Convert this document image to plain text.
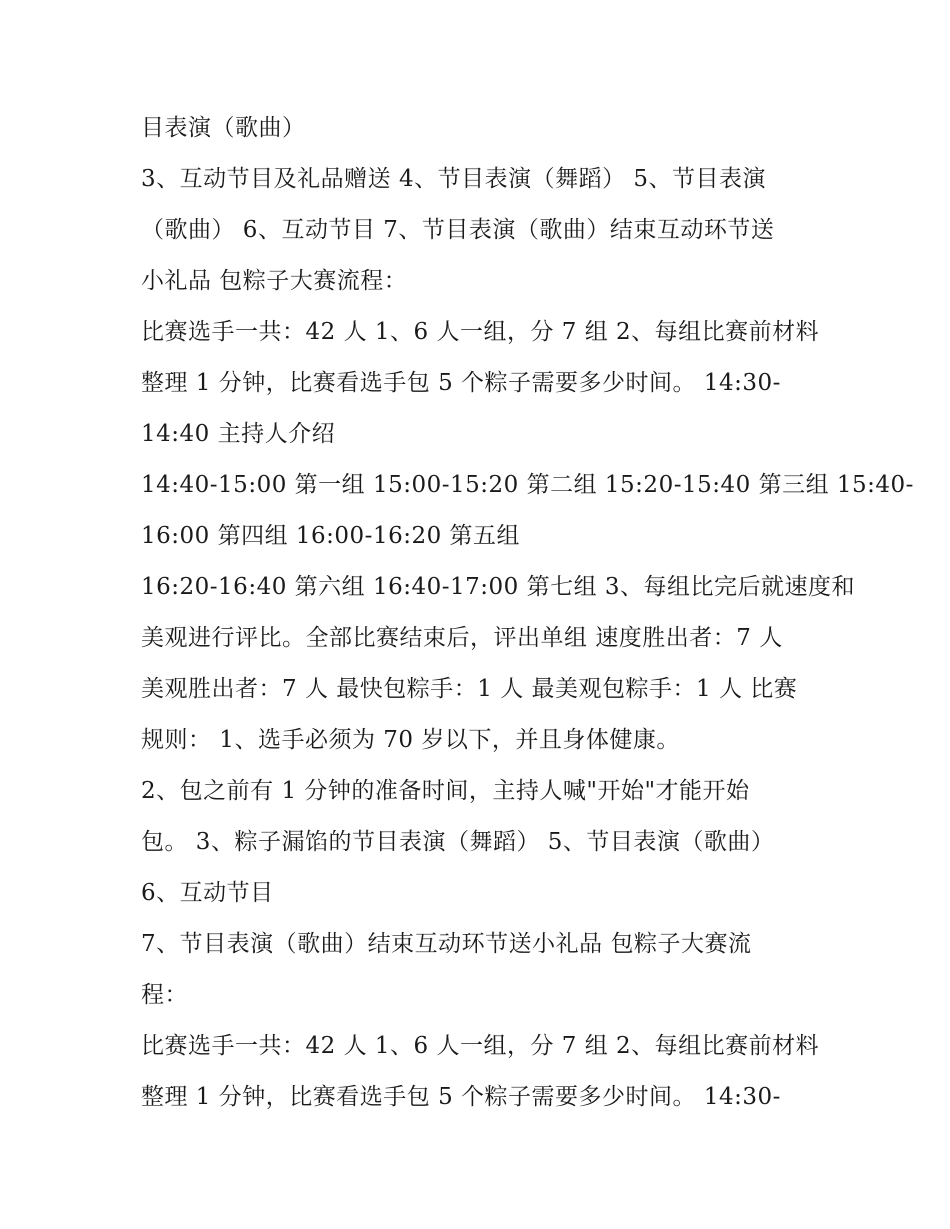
目表演（歌曲）
3、互动节目及礼品赠送 4、节目表演（舞蹈） 5、节目表演
（歌曲） 6、互动节目 7、节目表演（歌曲）结束互动环节送
小礼品 包粽子大赛流程：
比赛选手一共：42 人 1、6 人一组，分 7 组 2、每组比赛前材料
整理 1 分钟，比赛看选手包 5 个粽子需要多少时间。 14:30-
14:40 主持人介绍
14:40-15:00 第一组 15:00-15:20 第二组 15:20-15:40 第三组 15:40-
16:00 第四组 16:00-16:20 第五组
16:20-16:40 第六组 16:40-17:00 第七组 3、每组比完后就速度和
美观进行评比。全部比赛结束后，评出单组 速度胜出者：7 人
美观胜出者：7 人 最快包粽手：1 人 最美观包粽手：1 人 比赛
规则： 1、选手必须为 70 岁以下，并且身体健康。
2、包之前有 1 分钟的准备时间，主持人喊"开始"才能开始
包。 3、粽子漏馅的节目表演（舞蹈） 5、节目表演（歌曲）
6、互动节目
7、节目表演（歌曲）结束互动环节送小礼品 包粽子大赛流
程：
比赛选手一共：42 人 1、6 人一组，分 7 组 2、每组比赛前材料
整理 1 分钟，比赛看选手包 5 个粽子需要多少时间。 14:30-
